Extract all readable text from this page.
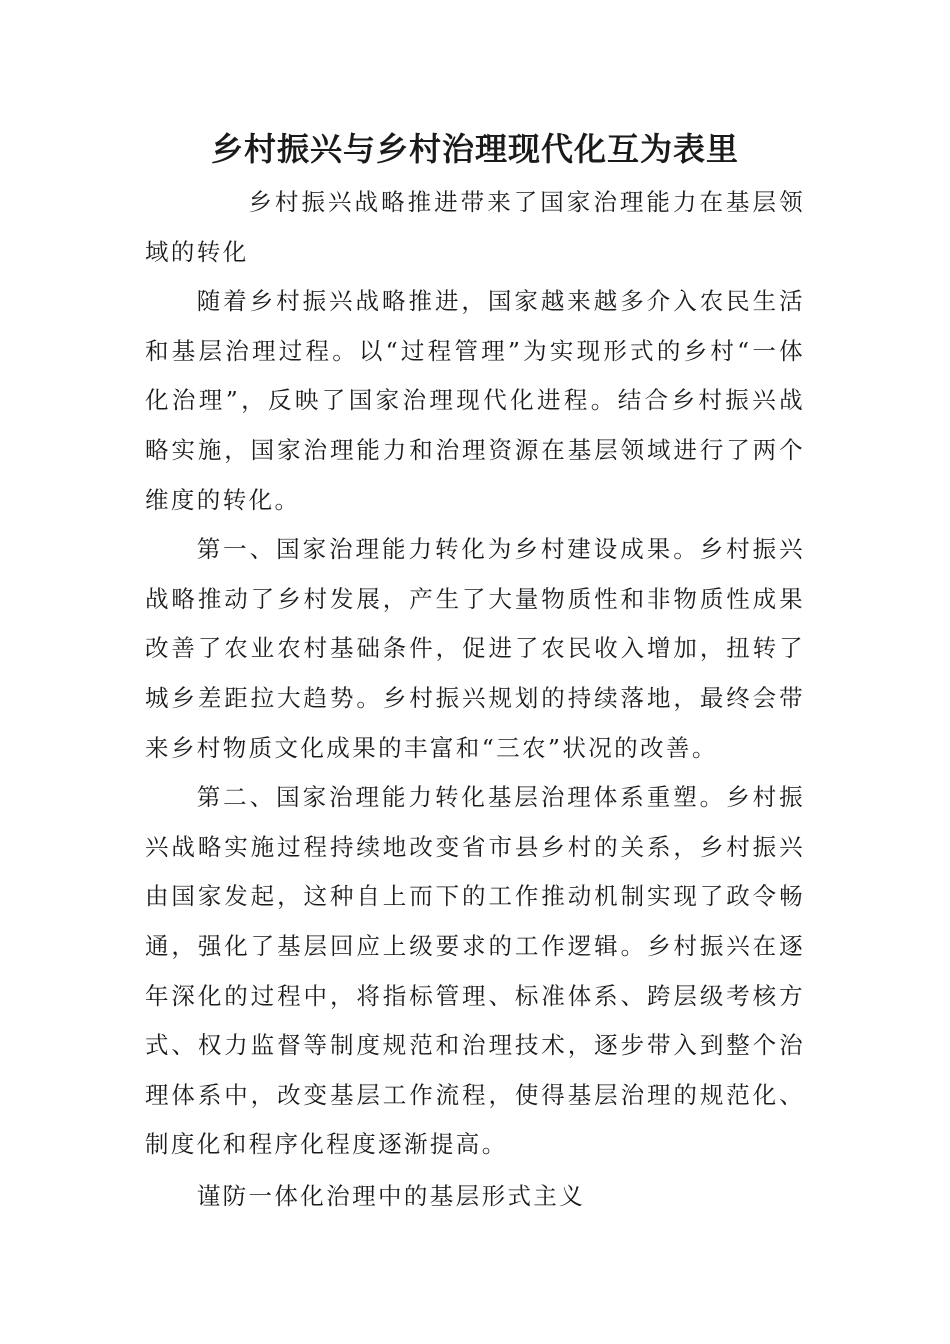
乡村振兴与乡村治理现代化互为表里

乡村振兴战略推进带来了国家治理能力在基层领域的转化

随着乡村振兴战略推进，国家越来越多介入农民生活和基层治理过程。以“过程管理”为实现形式的乡村“一体化治理”，反映了国家治理现代化进程。结合乡村振兴战略实施，国家治理能力和治理资源在基层领域进行了两个维度的转化。

第一、国家治理能力转化为乡村建设成果。乡村振兴战略推动了乡村发展，产生了大量物质性和非物质性成果改善了农业农村基础条件，促进了农民收入增加，扭转了城乡差距拉大趋势。乡村振兴规划的持续落地，最终会带来乡村物质文化成果的丰富和“三农”状况的改善。

第二、国家治理能力转化基层治理体系重塑。乡村振兴战略实施过程持续地改变省市县乡村的关系，乡村振兴由国家发起，这种自上而下的工作推动机制实现了政令畅通，强化了基层回应上级要求的工作逻辑。乡村振兴在逐年深化的过程中，将指标管理、标准体系、跨层级考核方式、权力监督等制度规范和治理技术，逐步带入到整个治理体系中，改变基层工作流程，使得基层治理的规范化、制度化和程序化程度逐渐提高。

谨防一体化治理中的基层形式主义
